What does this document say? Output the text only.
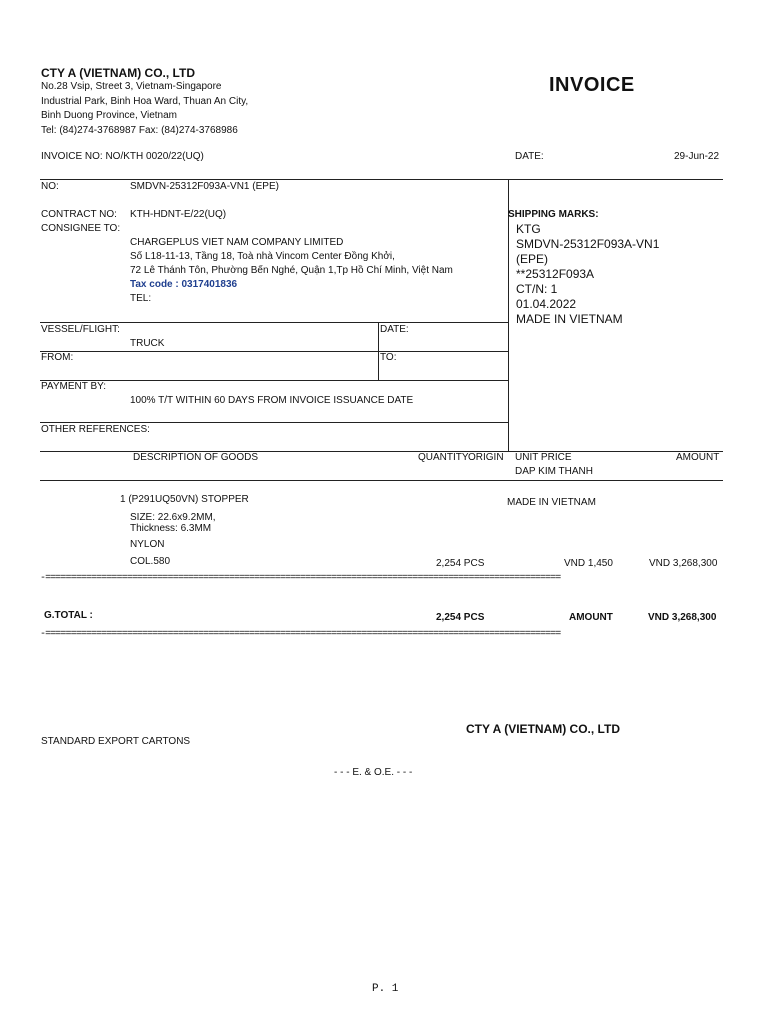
CTY A (VIETNAM) CO., LTD
No.28 Vsip, Street 3, Vietnam-Singapore
Industrial Park, Binh Hoa Ward, Thuan An City,
Binh Duong Province, Vietnam
Tel: (84)274-3768987 Fax: (84)274-3768986
INVOICE
INVOICE NO: NO/KTH 0020/22(UQ)	DATE:	29-Jun-22
NO:	SMDVN-25312F093A-VN1 (EPE)
CONTRACT NO: KTH-HDNT-E/22(UQ)	SHIPPING MARKS:
KTG
SMDVN-25312F093A-VN1
(EPE)
**25312F093A
CT/N: 1
01.04.2022
MADE IN VIETNAM
CONSIGNEE TO:
CHARGEPLUS VIET NAM COMPANY LIMITED
Số L18-11-13, Tầng 18, Toà nhà Vincom Center Đồng Khởi,
72 Lê Thánh Tôn, Phường Bến Nghé, Quận 1,Tp Hồ Chí Minh, Việt Nam
Tax code : 0317401836
TEL:
VESSEL/FLIGHT:
TRUCK
DATE:
FROM:	TO:
PAYMENT BY:
100% T/T WITHIN 60 DAYS FROM INVOICE ISSUANCE DATE
OTHER REFERENCES:
DESCRIPTION OF GOODS	QUANTITY ORIGIN UNIT PRICE	AMOUNT
DAP KIM THANH
1 (P291UQ50VN) STOPPER	MADE IN VIETNAM
SIZE: 22.6x9.2MM,
Thickness: 6.3MM
NYLON
COL.580	2,254 PCS	VND 1,450	VND 3,268,300
-=====================================================================================================
G.TOTAL :	2,254 PCS	AMOUNT	VND 3,268,300
-=====================================================================================================
CTY A (VIETNAM) CO., LTD
STANDARD EXPORT CARTONS
- - - E. & O.E. - - -
P. 1
